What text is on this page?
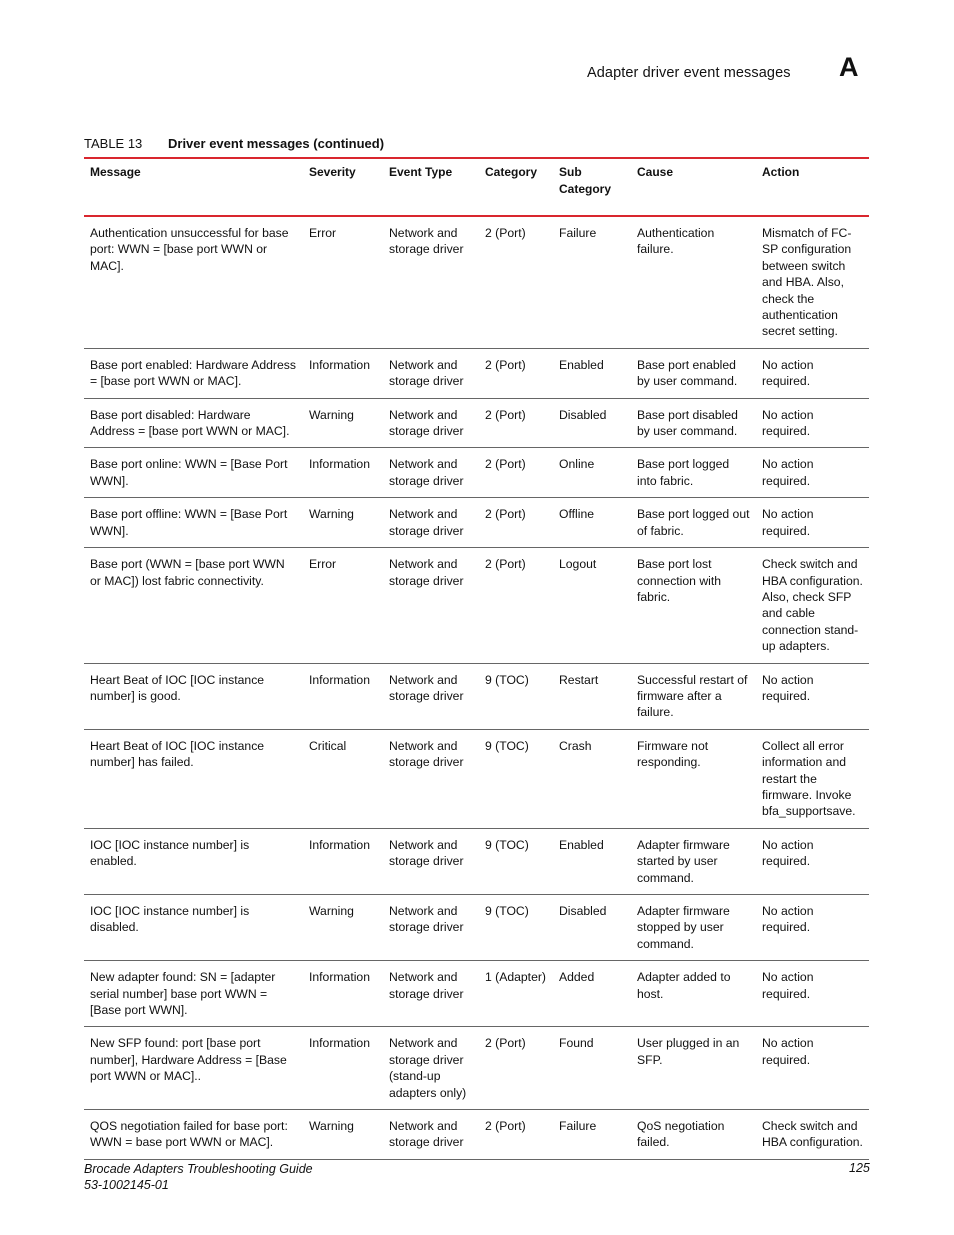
Adapter driver event messages A
TABLE 13 Driver event messages (continued)
Message	Severity	Event Type	Category	Sub Category	Cause	Action
Authentication unsuccessful for base port: WWN = [base port WWN or MAC].	Error	Network and storage driver	2 (Port)	Failure	Authentication failure.	Mismatch of FC-SP configuration between switch and HBA. Also, check the authentication secret setting.
Base port enabled: Hardware Address = [base port WWN or MAC].	Information	Network and storage driver	2 (Port)	Enabled	Base port enabled by user command.	No action required.
Base port disabled: Hardware Address = [base port WWN or MAC].	Warning	Network and storage driver	2 (Port)	Disabled	Base port disabled by user command.	No action required.
Base port online: WWN = [Base Port WWN].	Information	Network and storage driver	2 (Port)	Online	Base port logged into fabric.	No action required.
Base port offline: WWN = [Base Port WWN].	Warning	Network and storage driver	2 (Port)	Offline	Base port logged out of fabric.	No action required.
Base port (WWN = [base port WWN or MAC]) lost fabric connectivity.	Error	Network and storage driver	2 (Port)	Logout	Base port lost connection with fabric.	Check switch and HBA configuration. Also, check SFP and cable connection stand-up adapters.
Heart Beat of IOC [IOC instance number] is good.	Information	Network and storage driver	9 (TOC)	Restart	Successful restart of firmware after a failure.	No action required.
Heart Beat of IOC [IOC instance number] has failed.	Critical	Network and storage driver	9 (TOC)	Crash	Firmware not responding.	Collect all error information and restart the firmware. Invoke bfa_supportsave.
IOC [IOC instance number] is enabled.	Information	Network and storage driver	9 (TOC)	Enabled	Adapter firmware started by user command.	No action required.
IOC [IOC instance number] is disabled.	Warning	Network and storage driver	9 (TOC)	Disabled	Adapter firmware stopped by user command.	No action required.
New adapter found: SN = [adapter serial number] base port WWN = [Base port WWN].	Information	Network and storage driver	1 (Adapter)	Added	Adapter added to host.	No action required.
New SFP found: port [base port number], Hardware Address = [Base port WWN or MAC]..	Information	Network and storage driver (stand-up adapters only)	2 (Port)	Found	User plugged in an SFP.	No action required.
QOS negotiation failed for base port: WWN = base port WWN or MAC].	Warning	Network and storage driver	2 (Port)	Failure	QoS negotiation failed.	Check switch and HBA configuration.
Brocade Adapters Troubleshooting Guide
53-1002145-01
125
